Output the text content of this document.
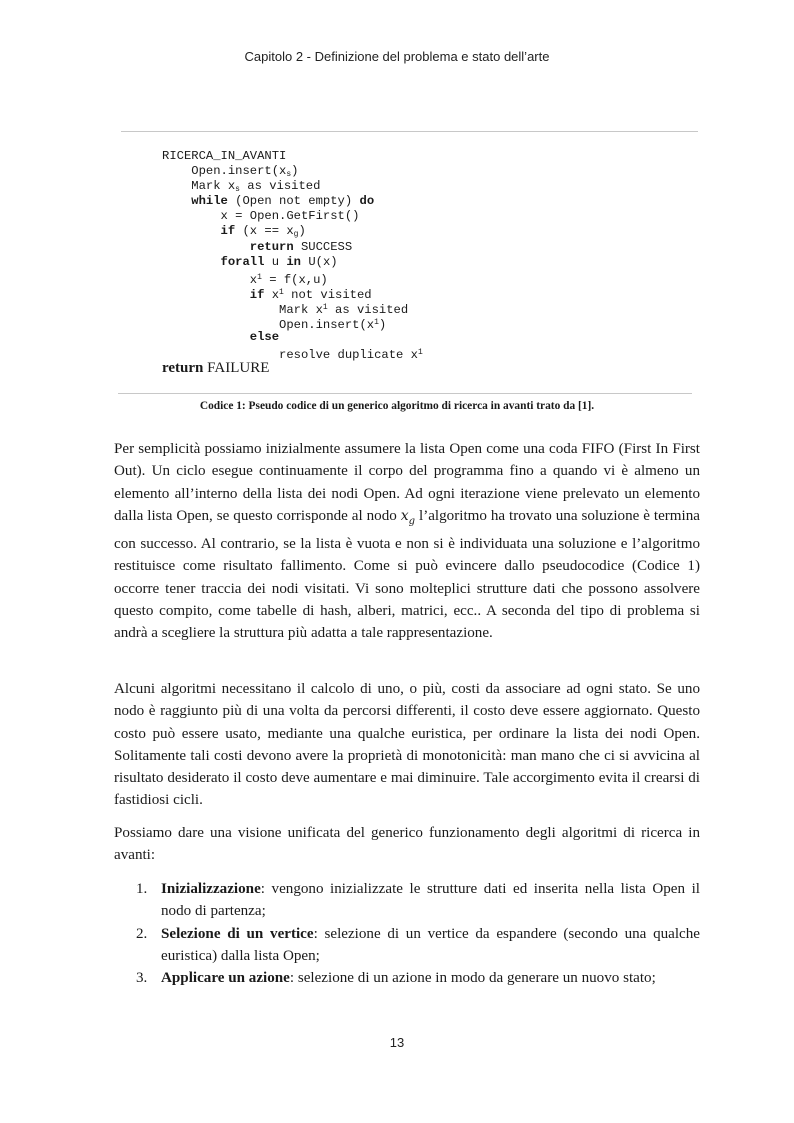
Capitolo 2 - Definizione del problema e stato dell’arte
RICERCA_IN_AVANTI
$Open.insert(x_s)$
Mark $x_s$ as visited
while (Open not empty) do
x = Open.GetFirst()
if $(x == x_g)$
return SUCCESS
forall u in U(x)
$x^1 = f(x,u)$
if $x^1$ not visited
Mark $x^1$ as visited
$Open.insert(x^1)$
else
resolve duplicate $x^1$
return FAILURE
Codice 1: Pseudo codice di un generico algoritmo di ricerca in avanti trato da [1].

Per semplicità possiamo inizialmente assumere la lista Open come una coda FIFO (First In First Out). Un ciclo esegue continuamente il corpo del programma fino a quando vi è almeno un elemento all’interno della lista dei nodi Open. Ad ogni iterazione viene prelevato un elemento dalla lista Open, se questo corrisponde al nodo $x_g$ l’algoritmo ha trovato una soluzione è termina con successo. Al contrario, se la lista è vuota e non si è individuata una soluzione e l’algoritmo restituisce come risultato fallimento. Come si può evincere dallo pseudocodice (Codice 1) occorre tener traccia dei nodi visitati. Vi sono molteplici strutture dati che possono assolvere questo compito, come tabelle di hash, alberi, matrici, ecc.. A seconda del tipo di problema si andrà a scegliere la struttura più adatta a tale rappresentazione.

Alcuni algoritmi necessitano il calcolo di uno, o più, costi da associare ad ogni stato. Se uno nodo è raggiunto più di una volta da percorsi differenti, il costo deve essere aggiornato. Questo costo può essere usato, mediante una qualche euristica, per ordinare la lista dei nodi Open. Solitamente tali costi devono avere la proprietà di monotonicità: man mano che ci si avvicina al risultato desiderato il costo deve aumentare e mai diminuire. Tale accorgimento evita il crearsi di fastidiosi cicli.

Possiamo dare una visione unificata del generico funzionamento degli algoritmi di ricerca in avanti:

1. Inizializzazione: vengono inizializzate le strutture dati ed inserita nella lista Open il nodo di partenza;
2. Selezione di un vertice: selezione di un vertice da espandere (secondo una qualche euristica) dalla lista Open;
3. Applicare un azione: selezione di un azione in modo da generare un nuovo stato;
13
